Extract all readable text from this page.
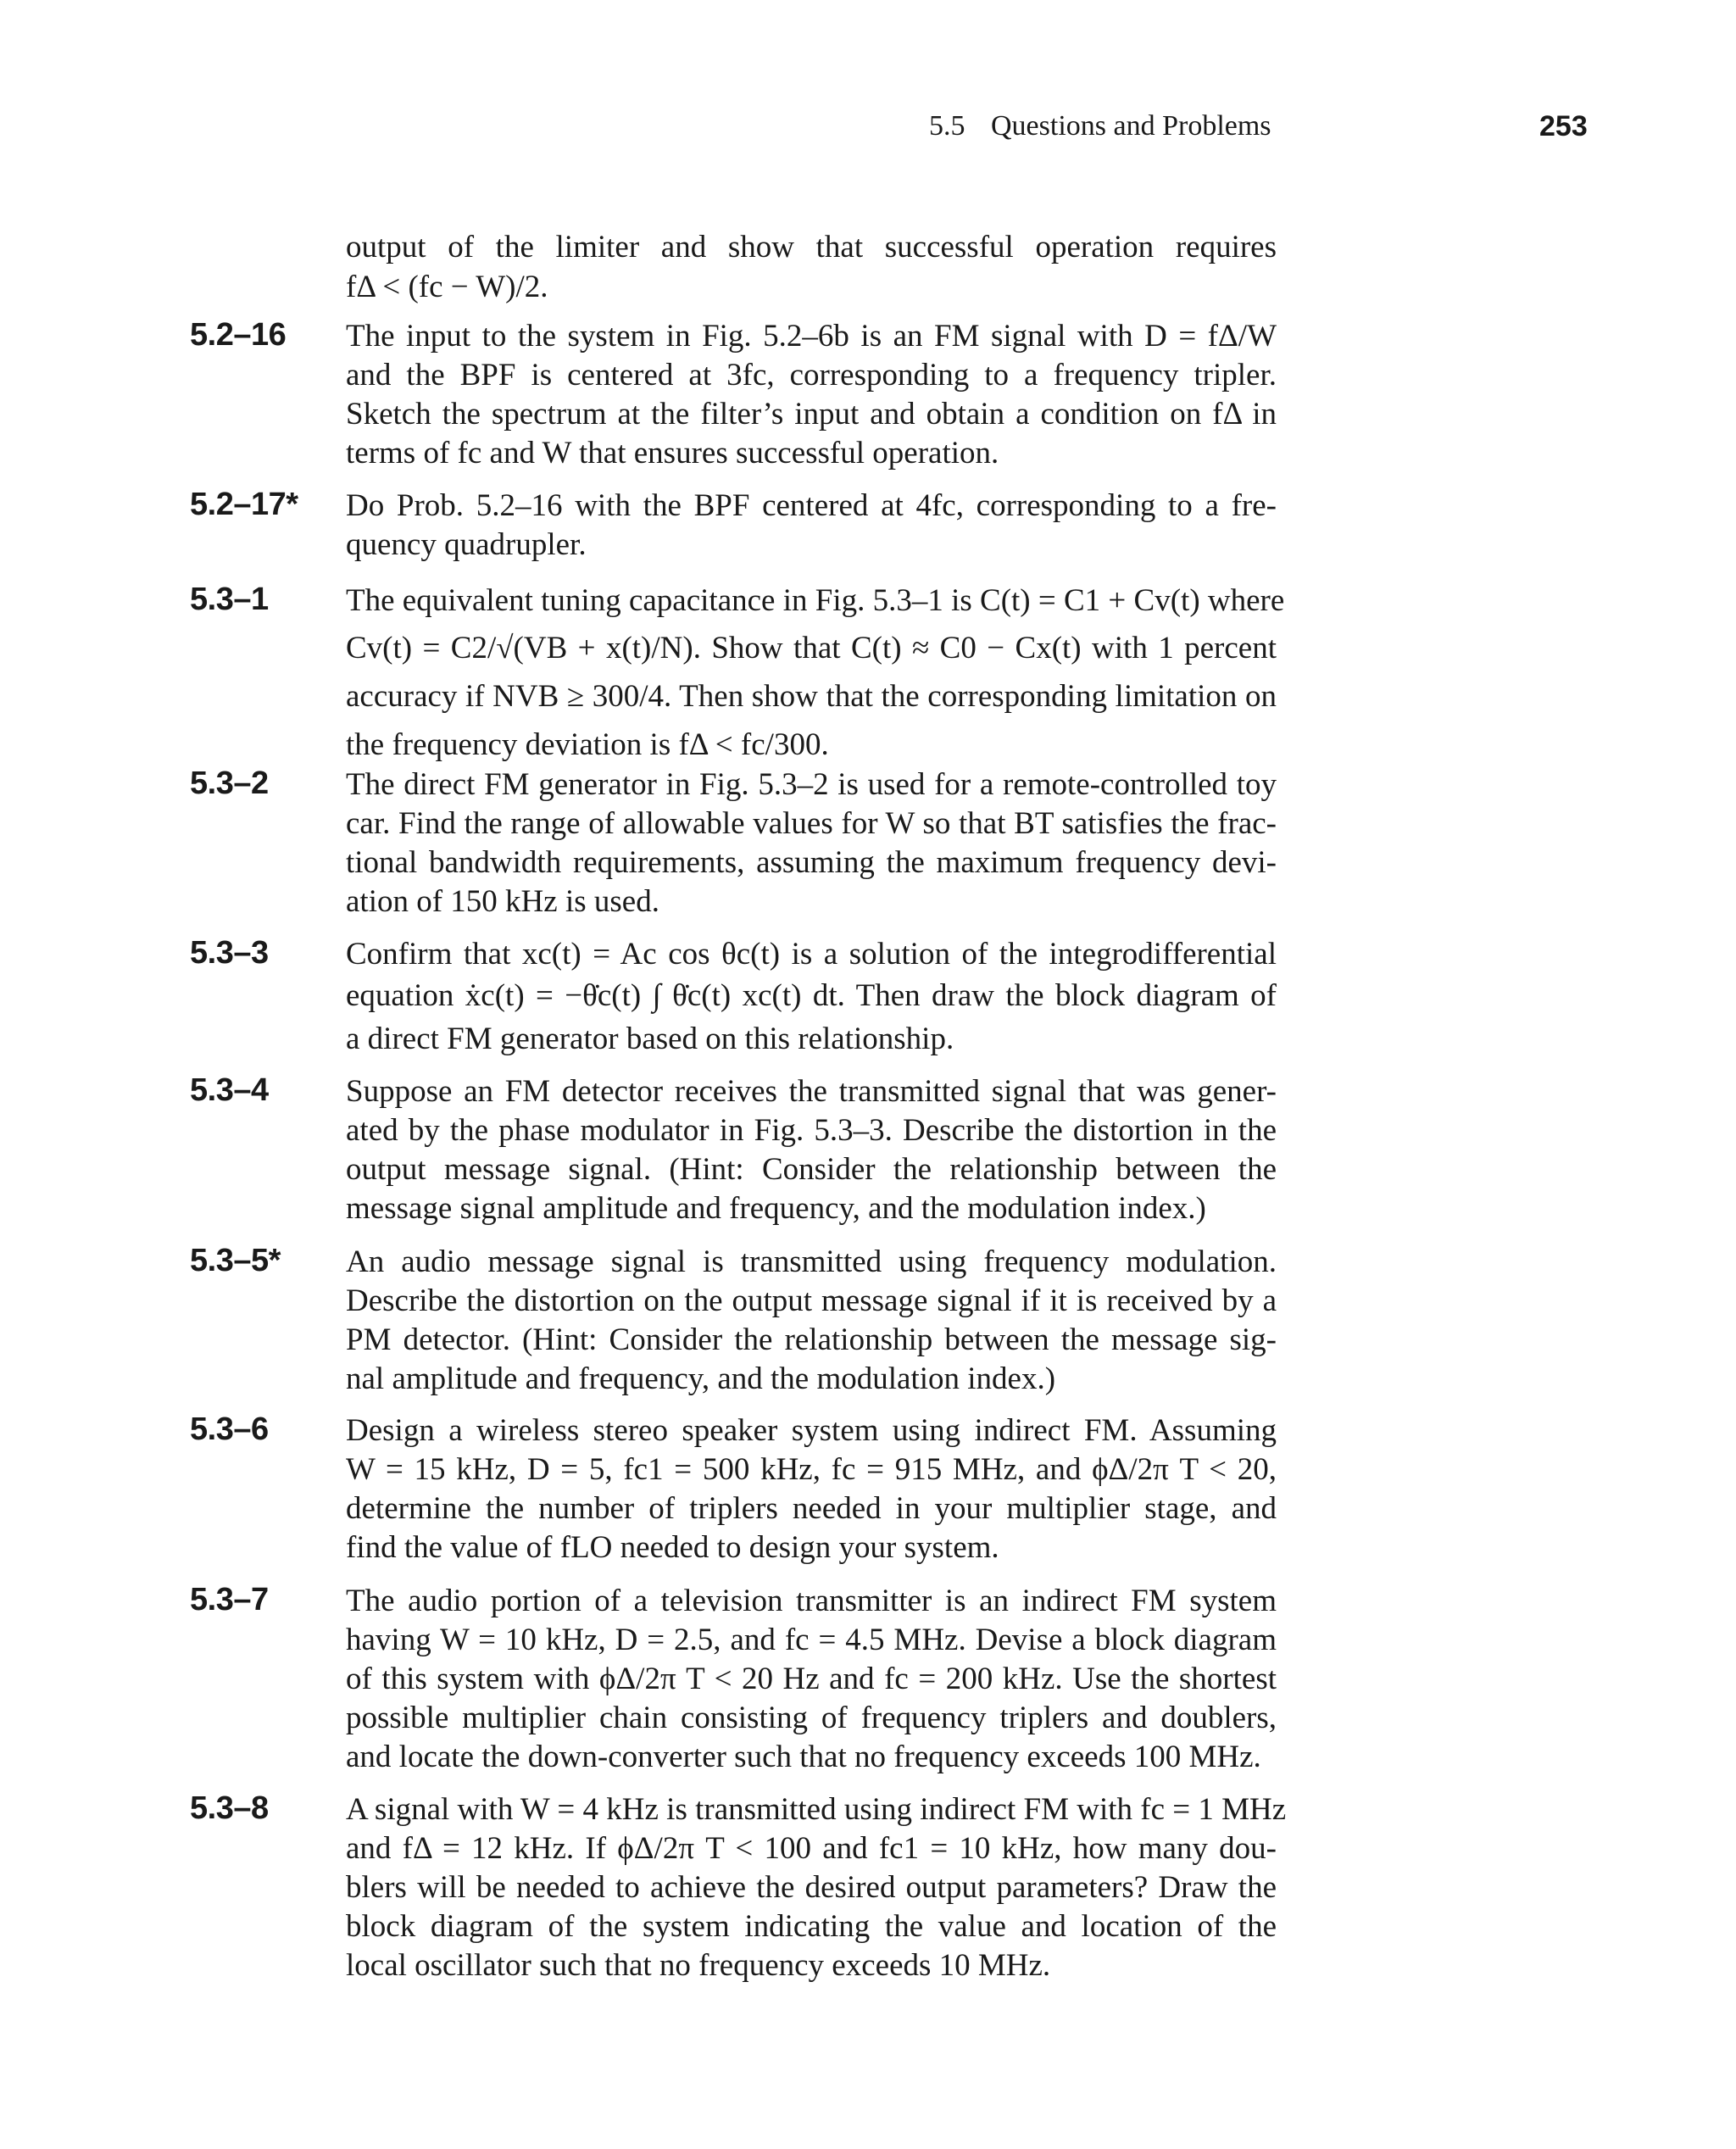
5.5 Questions and Problems	253
output of the limiter and show that successful operation requires
fΔ < (fc − W)/2.
5.2–16 The input to the system in Fig. 5.2–6b is an FM signal with D = fΔ/W
and the BPF is centered at 3fc, corresponding to a frequency tripler.
Sketch the spectrum at the filter’s input and obtain a condition on fΔ in
terms of fc and W that ensures successful operation.
5.2–17* Do Prob. 5.2–16 with the BPF centered at 4fc, corresponding to a fre-
quency quadrupler.
5.3–1 The equivalent tuning capacitance in Fig. 5.3–1 is C(t) = C1 + Cv(t) where
Cv(t) = C2/√(VB + x(t)/N). Show that C(t) ≈ C0 − Cx(t) with 1 percent
accuracy if NVB ≥ 300/4. Then show that the corresponding limitation on
the frequency deviation is fΔ < fc/300.
5.3–2 The direct FM generator in Fig. 5.3–2 is used for a remote-controlled toy
car. Find the range of allowable values for W so that BT satisfies the frac-
tional bandwidth requirements, assuming the maximum frequency devi-
ation of 150 kHz is used.
5.3–3 Confirm that xc(t) = Ac cos θc(t) is a solution of the integrodifferential
equation ẋc(t) = −θ̇c(t) ∫ θ̇c(t) xc(t) dt. Then draw the block diagram of
a direct FM generator based on this relationship.
5.3–4 Suppose an FM detector receives the transmitted signal that was gener-
ated by the phase modulator in Fig. 5.3–3. Describe the distortion in the
output message signal. (Hint: Consider the relationship between the
message signal amplitude and frequency, and the modulation index.)
5.3–5* An audio message signal is transmitted using frequency modulation.
Describe the distortion on the output message signal if it is received by a
PM detector. (Hint: Consider the relationship between the message sig-
nal amplitude and frequency, and the modulation index.)
5.3–6 Design a wireless stereo speaker system using indirect FM. Assuming
W = 15 kHz, D = 5, fc1 = 500 kHz, fc = 915 MHz, and ϕΔ/2π T < 20,
determine the number of triplers needed in your multiplier stage, and
find the value of fLO needed to design your system.
5.3–7 The audio portion of a television transmitter is an indirect FM system
having W = 10 kHz, D = 2.5, and fc = 4.5 MHz. Devise a block diagram
of this system with ϕΔ/2π T < 20 Hz and fc = 200 kHz. Use the shortest
possible multiplier chain consisting of frequency triplers and doublers,
and locate the down-converter such that no frequency exceeds 100 MHz.
5.3–8 A signal with W = 4 kHz is transmitted using indirect FM with fc = 1 MHz
and fΔ = 12 kHz. If ϕΔ/2π T < 100 and fc1 = 10 kHz, how many dou-
blers will be needed to achieve the desired output parameters? Draw the
block diagram of the system indicating the value and location of the
local oscillator such that no frequency exceeds 10 MHz.
